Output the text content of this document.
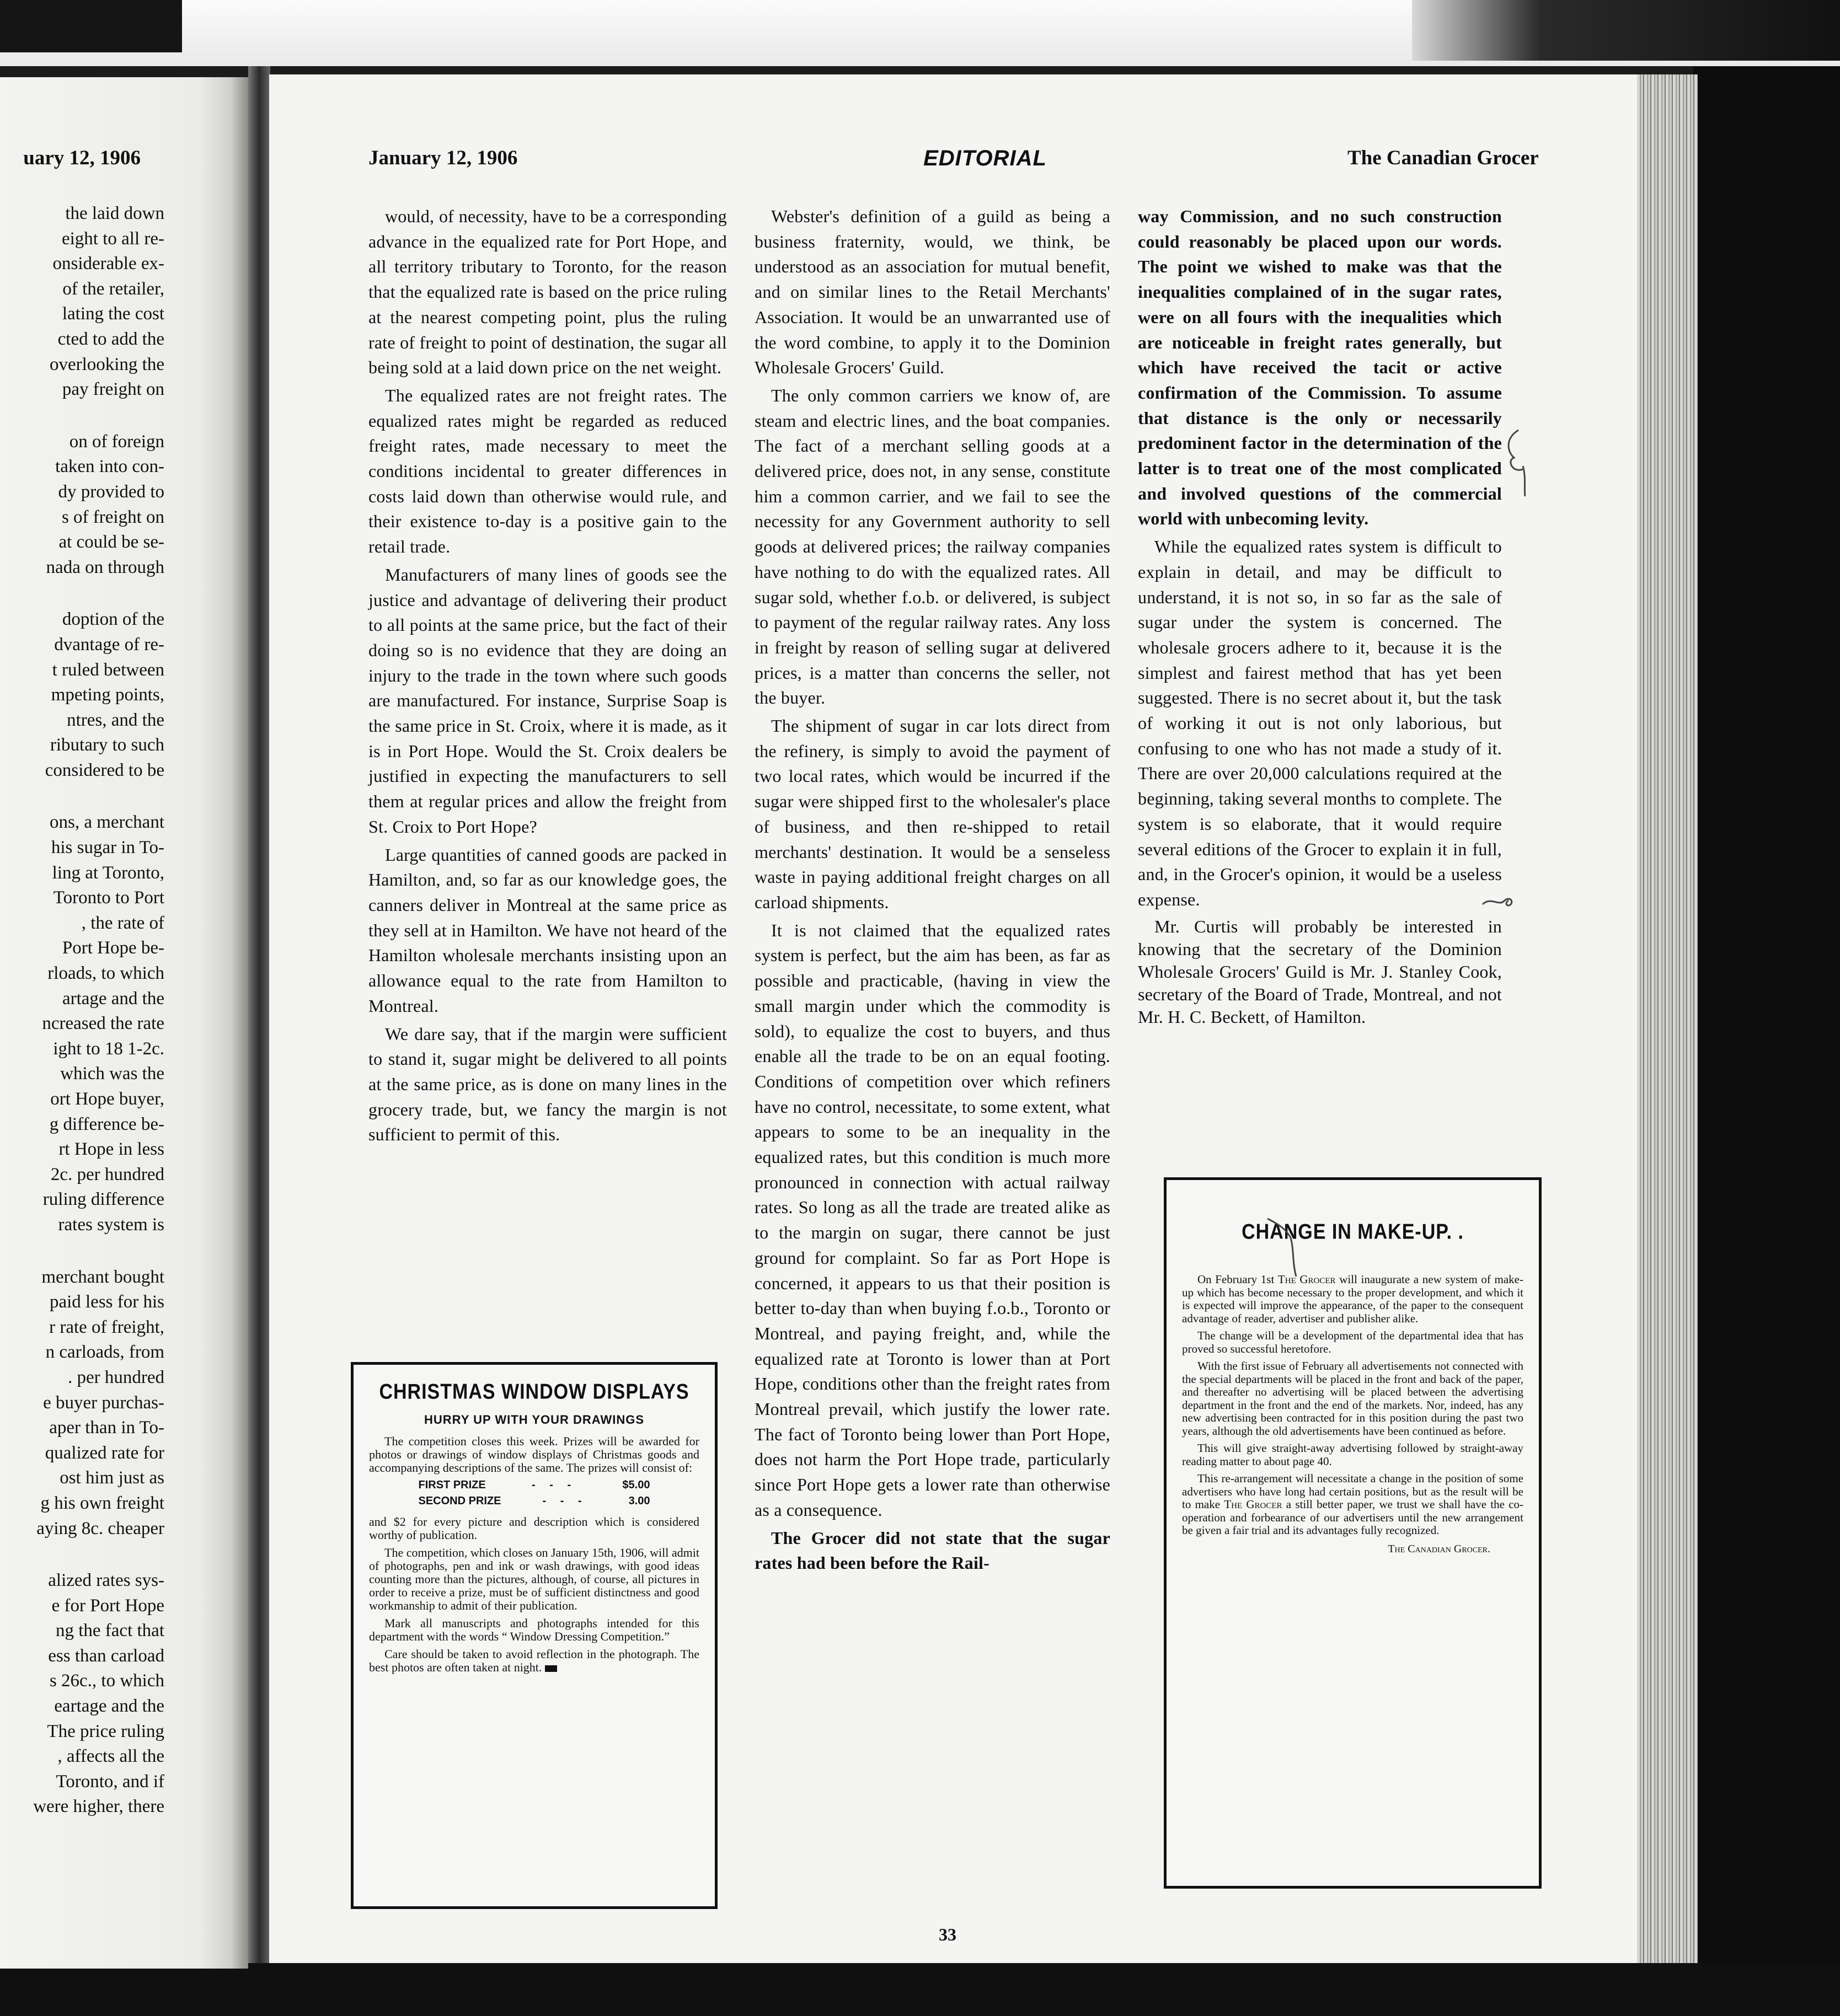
uary 12, 1906
the laid down
eight to all re-
onsiderable ex-
of the retailer,
lating the cost
cted to add the
overlooking the
pay freight on
on of foreign
taken into con-
dy provided to
s of freight on
at could be se-
nada on through
doption of the
dvantage of re-
t ruled between
mpeting points,
ntres, and the
ributary to such
considered to be
ons, a merchant
his sugar in To-
ling at Toronto,
Toronto to Port
, the rate of
Port Hope be-
rloads, to which
artage and the
ncreased the rate
ight to 18 1-2c.
which was the
ort Hope buyer,
g difference be-
rt Hope in less
2c. per hundred
ruling difference
rates system is
merchant bought
paid less for his
r rate of freight,
n carloads, from
. per hundred
e buyer purchas-
aper than in To-
qualized rate for
ost him just as
g his own freight
aying 8c. cheaper
alized rates sys-
e for Port Hope
ng the fact that
ess than carload
s 26c., to which
eartage and the
The price ruling
, affects all the
Toronto, and if
were higher, there
January 12, 1906	EDITORIAL	The Canadian Grocer

would, of necessity, have to be a corresponding advance in the equalized rate for Port Hope, and all territory tributary to Toronto, for the reason that the equalized rate is based on the price ruling at the nearest competing point, plus the ruling rate of freight to point of destination, the sugar all being sold at a laid down price on the net weight.

The equalized rates are not freight rates. The equalized rates might be regarded as reduced freight rates, made necessary to meet the conditions incidental to greater differences in costs laid down than otherwise would rule, and their existence to-day is a positive gain to the retail trade.

Manufacturers of many lines of goods see the justice and advantage of delivering their product to all points at the same price, but the fact of their doing so is no evidence that they are doing an injury to the trade in the town where such goods are manufactured. For instance, Surprise Soap is the same price in St. Croix, where it is made, as it is in Port Hope. Would the St. Croix dealers be justified in expecting the manufacturers to sell them at regular prices and allow the freight from St. Croix to Port Hope?

Large quantities of canned goods are packed in Hamilton, and, so far as our knowledge goes, the canners deliver in Montreal at the same price as they sell at in Hamilton. We have not heard of the Hamilton wholesale merchants insisting upon an allowance equal to the rate from Hamilton to Montreal.

We dare say, that if the margin were sufficient to stand it, sugar might be delivered to all points at the same price, as is done on many lines in the grocery trade, but, we fancy the margin is not sufficient to permit of this.

Webster's definition of a guild as being a business fraternity, would, we think, be understood as an association for mutual benefit, and on similar lines to the Retail Merchants' Association. It would be an unwarranted use of the word combine, to apply it to the Dominion Wholesale Grocers' Guild.

The only common carriers we know of, are steam and electric lines, and the boat companies. The fact of a merchant selling goods at a delivered price, does not, in any sense, constitute him a common carrier, and we fail to see the necessity for any Government authority to sell goods at delivered prices; the railway companies have nothing to do with the equalized rates. All sugar sold, whether f.o.b. or delivered, is subject to payment of the regular railway rates. Any loss in freight by reason of selling sugar at delivered prices, is a matter than concerns the seller, not the buyer.

The shipment of sugar in car lots direct from the refinery, is simply to avoid the payment of two local rates, which would be incurred if the sugar were shipped first to the wholesaler's place of business, and then re-shipped to retail merchants' destination. It would be a senseless waste in paying additional freight charges on all carload shipments.

It is not claimed that the equalized rates system is perfect, but the aim has been, as far as possible and practicable, (having in view the small margin under which the commodity is sold), to equalize the cost to buyers, and thus enable all the trade to be on an equal footing. Conditions of competition over which refiners have no control, necessitate, to some extent, what appears to some to be an inequality in the equalized rates, but this condition is much more pronounced in connection with actual railway rates. So long as all the trade are treated alike as to the margin on sugar, there cannot be just ground for complaint. So far as Port Hope is concerned, it appears to us that their position is better to-day than when buying f.o.b., Toronto or Montreal, and paying freight, and, while the equalized rate at Toronto is lower than at Port Hope, conditions other than the freight rates from Montreal prevail, which justify the lower rate. The fact of Toronto being lower than Port Hope, does not harm the Port Hope trade, particularly since Port Hope gets a lower rate than otherwise as a consequence.

The Grocer did not state that the sugar rates had been before the Rail-

way Commission, and no such construction could reasonably be placed upon our words. The point we wished to make was that the inequalities complained of in the sugar rates, were on all fours with the inequalities which are noticeable in freight rates generally, but which have received the tacit or active confirmation of the Commission. To assume that distance is the only or necessarily predominent factor in the determination of the latter is to treat one of the most complicated and involved questions of the commercial world with unbecoming levity.

While the equalized rates system is difficult to explain in detail, and may be difficult to understand, it is not so, in so far as the sale of sugar under the system is concerned. The wholesale grocers adhere to it, because it is the simplest and fairest method that has yet been suggested. There is no secret about it, but the task of working it out is not only laborious, but confusing to one who has not made a study of it. There are over 20,000 calculations required at the beginning, taking several months to complete. The system is so elaborate, that it would require several editions of the Grocer to explain it in full, and, in the Grocer's opinion, it would be a useless expense.

Mr. Curtis will probably be interested in knowing that the secretary of the Dominion Wholesale Grocers' Guild is Mr. J. Stanley Cook, secretary of the Board of Trade, Montreal, and not Mr. H. C. Beckett, of Hamilton.

CHRISTMAS WINDOW DISPLAYS
HURRY UP WITH YOUR DRAWINGS

The competition closes this week. Prizes will be awarded for photos or drawings of window displays of Christmas goods and accompanying descriptions of the same. The prizes will consist of:

FIRST PRIZE	- - -	$5.00
SECOND PRIZE	- - -	3.00

and $2 for every picture and description which is considered worthy of publication.

The competition, which closes on January 15th, 1906, will admit of photographs, pen and ink or wash drawings, with good ideas counting more than the pictures, although, of course, all pictures in order to receive a prize, must be of sufficient distinctness and good workmanship to admit of their publication.

Mark all manuscripts and photographs intended for this department with the words “ Window Dressing Competition.”

Care should be taken to avoid reflection in the photograph. The best photos are often taken at night.

CHANGE IN MAKE-UP. .

On February 1st The Grocer will inaugurate a new system of make-up which has become necessary to the proper development, and which it is expected will improve the appearance, of the paper to the consequent advantage of reader, advertiser and publisher alike.

The change will be a development of the departmental idea that has proved so successful heretofore.

With the first issue of February all advertisements not connected with the special departments will be placed in the front and back of the paper, and thereafter no advertising will be placed between the advertising department in the front and the end of the markets. Nor, indeed, has any new advertising been contracted for in this position during the past two years, although the old advertisements have been continued as before.

This will give straight-away advertising followed by straight-away reading matter to about page 40.

This re-arrangement will necessitate a change in the position of some advertisers who have long had certain positions, but as the result will be to make The Grocer a still better paper, we trust we shall have the co-operation and forbearance of our advertisers until the new arrangement be given a fair trial and its advantages fully recognized.

The Canadian Grocer.
33
